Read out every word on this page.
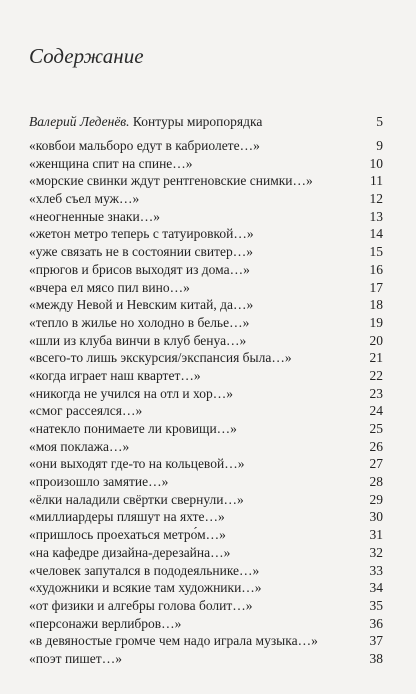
Содержание
Валерий Леденёв. Контуры миропорядка	5
«ковбои мальборо едут в кабриолете…»	9
«женщина спит на спине…»	10
«морские свинки ждут рентгеновские снимки…»	11
«хлеб съел муж…»	12
«неогненные знаки…»	13
«жетон метро теперь с татуировкой…»	14
«уже связать не в состоянии свитер…»	15
«прюгов и брисов выходят из дома…»	16
«вчера ел мясо пил вино…»	17
«между Невой и Невским китай, да…»	18
«тепло в жилье но холодно в белье…»	19
«шли из клуба винчи в клуб бенуа…»	20
«всего-то лишь экскурсия/экспансия была…»	21
«когда играет наш квартет…»	22
«никогда не учился на отл и хор…»	23
«смог рассеялся…»	24
«натекло понимаете ли кровищи…»	25
«моя поклажа…»	26
«они выходят где-то на кольцевой…»	27
«произошло замятие…»	28
«ёлки наладили свёртки свернули…»	29
«миллиардеры пляшут на яхте…»	30
«пришлось проехаться метро́м…»	31
«на кафедре дизайна-дерезайна…»	32
«человек запутался в пододеяльнике…»	33
«художники и всякие там художники…»	34
«от физики и алгебры голова болит…»	35
«персонажи верлибров…»	36
«в девяностые громче чем надо играла музыка…»	37
«поэт пишет…»	38
